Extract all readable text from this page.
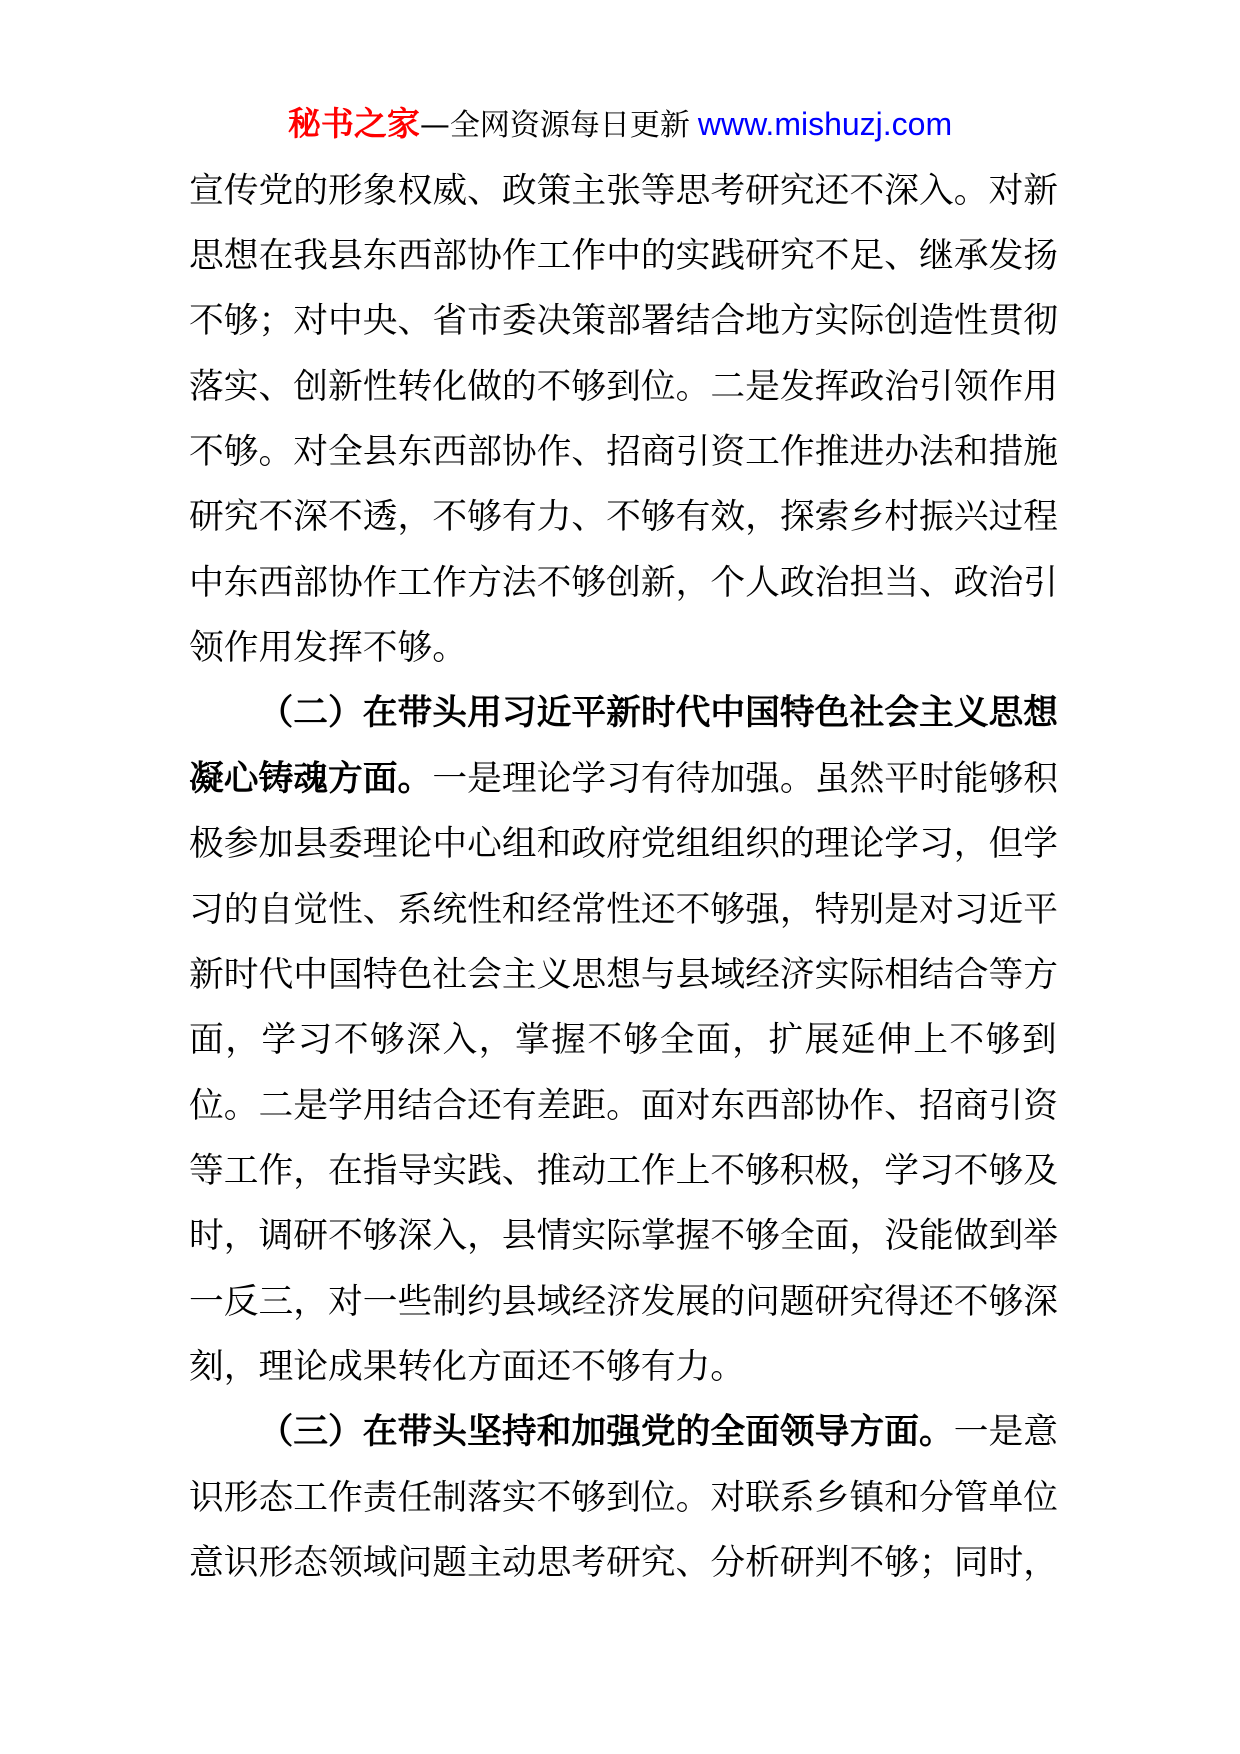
秘书之家—全网资源每日更新 www.mishuzj.com
宣传党的形象权威、政策主张等思考研究还不深入。对新
思想在我县东西部协作工作中的实践研究不足、继承发扬
不够；对中央、省市委决策部署结合地方实际创造性贯彻
落实、创新性转化做的不够到位。二是发挥政治引领作用
不够。对全县东西部协作、招商引资工作推进办法和措施
研究不深不透，不够有力、不够有效，探索乡村振兴过程
中东西部协作工作方法不够创新，个人政治担当、政治引
领作用发挥不够。
（二）在带头用习近平新时代中国特色社会主义思想
凝心铸魂方面。一是理论学习有待加强。虽然平时能够积
极参加县委理论中心组和政府党组组织的理论学习，但学
习的自觉性、系统性和经常性还不够强，特别是对习近平
新时代中国特色社会主义思想与县域经济实际相结合等方
面，学习不够深入，掌握不够全面，扩展延伸上不够到
位。二是学用结合还有差距。面对东西部协作、招商引资
等工作，在指导实践、推动工作上不够积极，学习不够及
时，调研不够深入，县情实际掌握不够全面，没能做到举
一反三，对一些制约县域经济发展的问题研究得还不够深
刻，理论成果转化方面还不够有力。
（三）在带头坚持和加强党的全面领导方面。一是意
识形态工作责任制落实不够到位。对联系乡镇和分管单位
意识形态领域问题主动思考研究、分析研判不够；同时，
